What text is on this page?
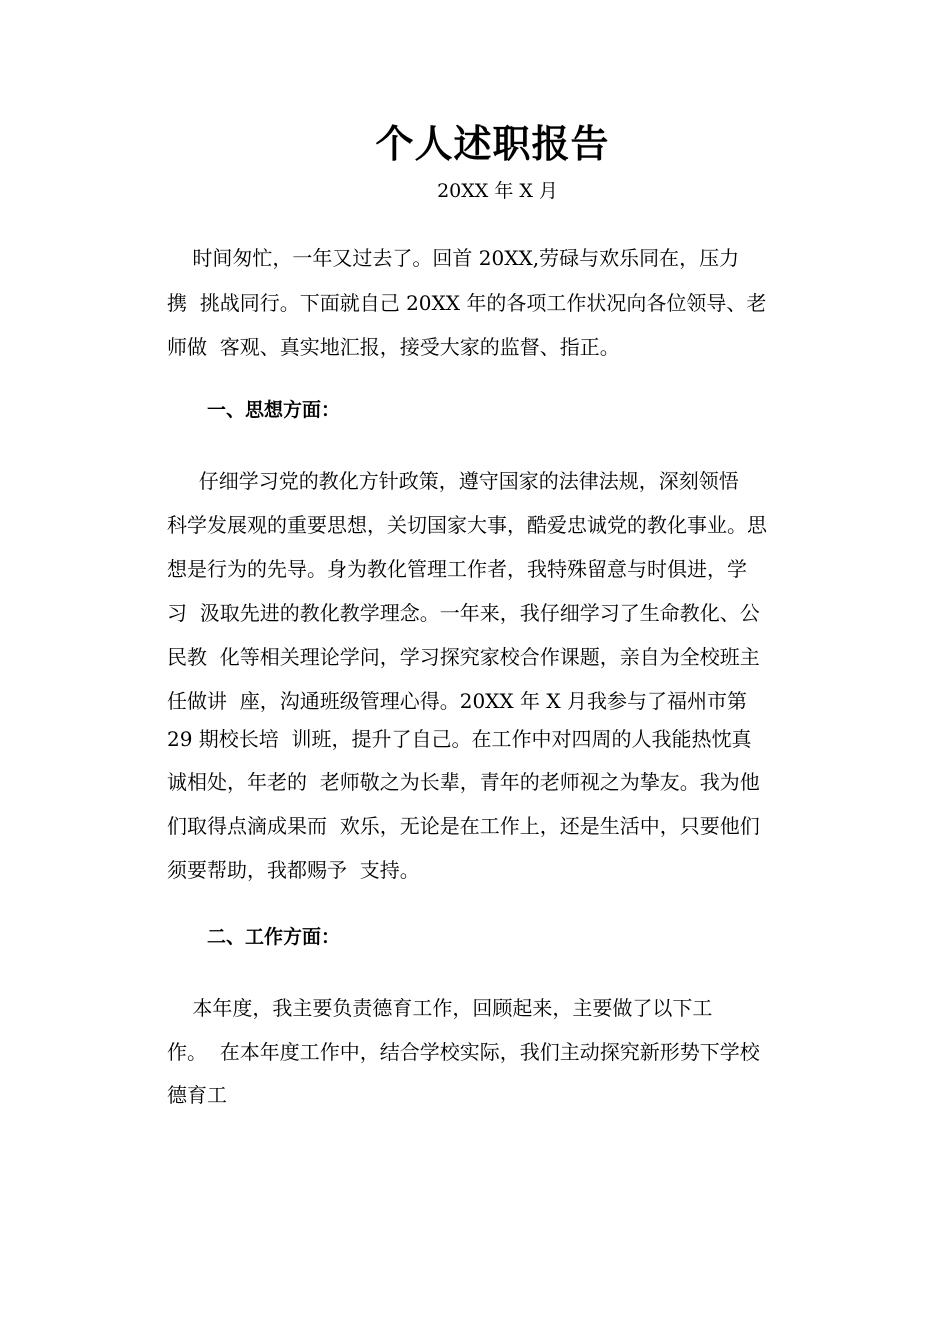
个人述职报告
20XX 年 X 月
时间匆忙，一年又过去了。回首 20XX,劳碌与欢乐同在，压力
携  挑战同行。下面就自己 20XX 年的各项工作状况向各位领导、老
师做  客观、真实地汇报，接受大家的监督、指正。
一、思想方面：
仔细学习党的教化方针政策，遵守国家的法律法规，深刻领悟
科学发展观的重要思想，关切国家大事，酷爱忠诚党的教化事业。思
想是行为的先导。身为教化管理工作者，我特殊留意与时俱进，学
习  汲取先进的教化教学理念。一年来，我仔细学习了生命教化、公
民教  化等相关理论学问，学习探究家校合作课题，亲自为全校班主
任做讲  座，沟通班级管理心得。20XX 年 X 月我参与了福州市第
29 期校长培  训班，提升了自己。在工作中对四周的人我能热忱真
诚相处，年老的  老师敬之为长辈，青年的老师视之为挚友。我为他
们取得点滴成果而  欢乐，无论是在工作上，还是生活中，只要他们
须要帮助，我都赐予  支持。
二、工作方面：
本年度，我主要负责德育工作，回顾起来，主要做了以下工
作。  在本年度工作中，结合学校实际，我们主动探究新形势下学校
德育工
